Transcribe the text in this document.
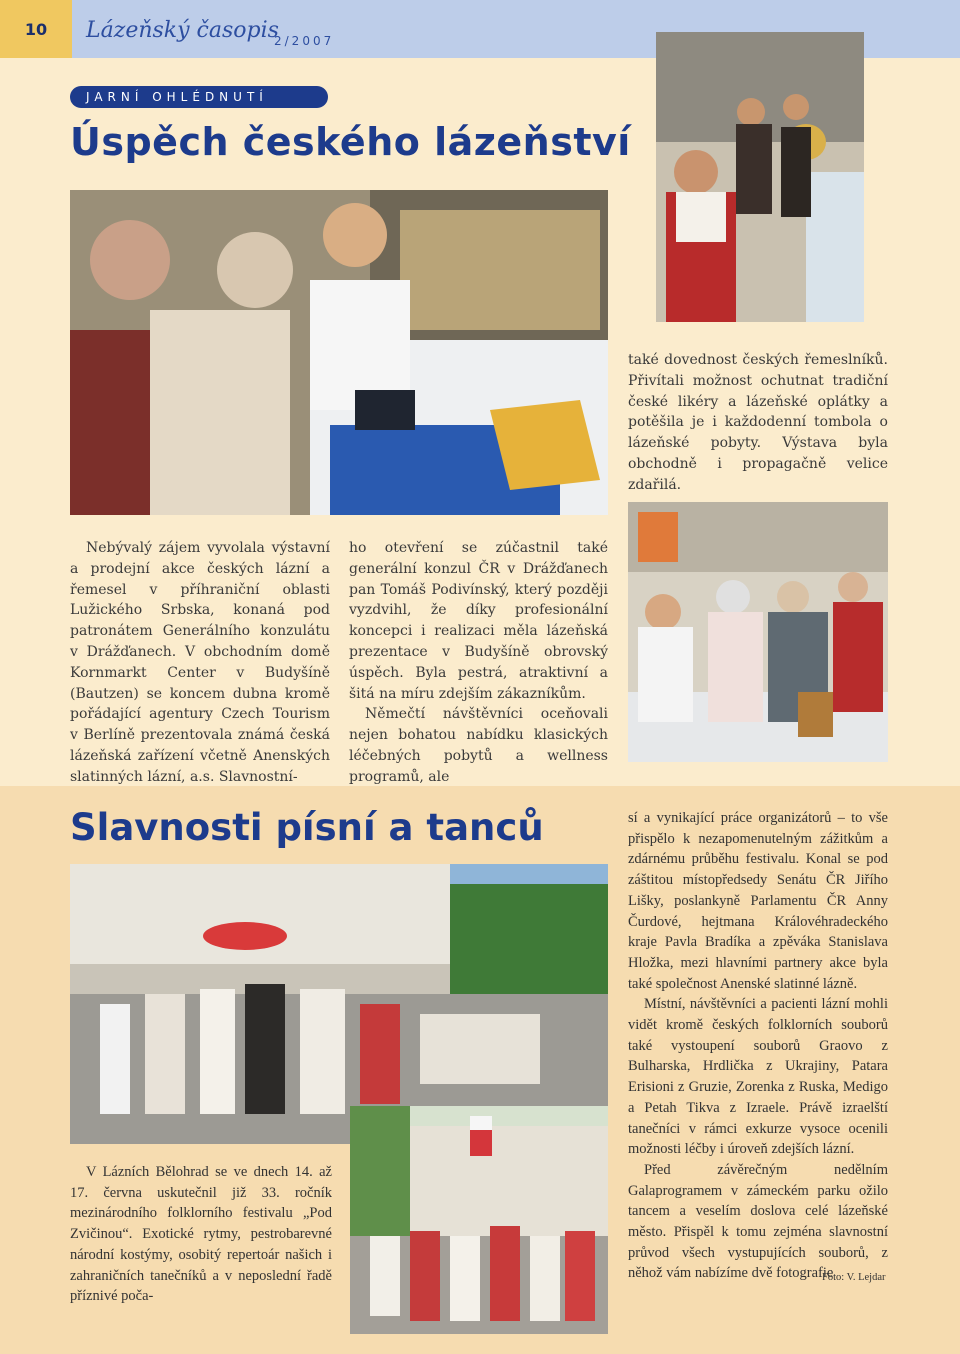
10	Lázeňský časopis
2/2007
JARNÍ OHLÉDNUTÍ
Úspěch českého lázeňství

také dovednost českých řemeslníků. Přivítali možnost ochutnat tradiční české likéry a lázeňské oplátky a potěšila je i každodenní tombola o lázeňské pobyty. Výstava byla obchodně i propagačně velice zdařilá.

Nebývalý zájem vyvolala výstavní a prodejní akce českých lázní a řemesel v příhraniční oblasti Lužického Srbska, konaná pod patronátem Generálního konzulátu v Drážďanech. V obchodním domě Kornmarkt Center v Budyšíně (Bautzen) se koncem dubna kromě pořádající agentury Czech Tourism v Berlíně prezentovala známá česká lázeňská zařízení včetně Anenských slatinných lázní, a.s. Slavnostní-

ho otevření se zúčastnil také generální konzul ČR v Drážďanech pan Tomáš Podivínský, který později vyzdvihl, že díky profesionální koncepci i realizaci měla lázeňská prezentace v Budyšíně obrovský úspěch. Byla pestrá, atraktivní a šitá na míru zdejším zákazníkům.

Němečtí návštěvníci oceňovali nejen bohatou nabídku klasických léčebných pobytů a wellness programů, ale

Slavnosti písní a tanců

V Lázních Bělohrad se ve dnech 14. až 17. června uskutečnil již 33. ročník mezinárodního folklorního festivalu „Pod Zvičinou“. Exotické rytmy, pestrobarevné národní kostýmy, osobitý repertoár našich i zahraničních tanečníků a v neposlední řadě příznivé poča-

sí a vynikající práce organizátorů – to vše přispělo k nezapomenutelným zážitkům a zdárnému průběhu festivalu. Konal se pod záštitou místopředsedy Senátu ČR Jiřího Lišky, poslankyně Parlamentu ČR Anny Čurdové, hejtmana Královéhradeckého kraje Pavla Bradíka a zpěváka Stanislava Hložka, mezi hlavními partnery akce byla také společnost Anenské slatinné lázně.

Místní, návštěvníci a pacienti lázní mohli vidět kromě českých folklorních souborů také vystoupení souborů Graovo z Bulharska, Hrdlička z Ukrajiny, Patara Erisioni z Gruzie, Zorenka z Ruska, Medigo a Petah Tikva z Izraele. Právě izraelští tanečníci v rámci exkurze vysoce ocenili možnosti léčby i úroveň zdejších lázní.

Před závěrečným nedělním Galaprogramem v zámeckém parku ožilo tancem a veselím doslova celé lázeňské město. Přispěl k tomu zejména slavnostní průvod všech vystupujících souborů, z něhož vám nabízíme dvě fotografie

Foto: V. Lejdar
